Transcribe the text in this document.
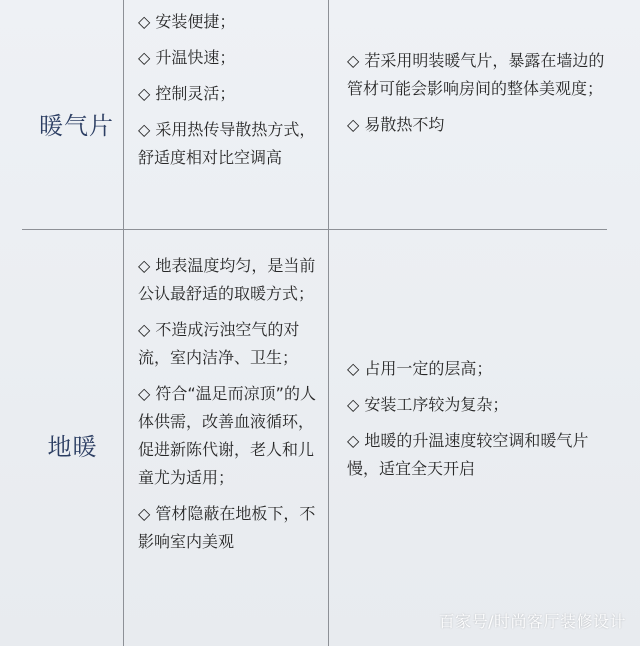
暖气片

◇ 安装便捷；

◇ 升温快速；

◇ 控制灵活；

◇ 采用热传导散热方式，舒适度相对比空调高

◇ 若采用明装暖气片，暴露在墙边的管材可能会影响房间的整体美观度；

◇ 易散热不均

地暖

◇ 地表温度均匀，是当前公认最舒适的取暖方式；

◇ 不造成污浊空气的对流，室内洁净、卫生；

◇ 符合“温足而凉顶”的人体供需，改善血液循环，促进新陈代谢，老人和儿童尤为适用；

◇ 管材隐蔽在地板下，不影响室内美观

◇ 占用一定的层高；

◇ 安装工序较为复杂；

◇ 地暖的升温速度较空调和暖气片慢，适宜全天开启

百家号/时尚客厅装修设计
